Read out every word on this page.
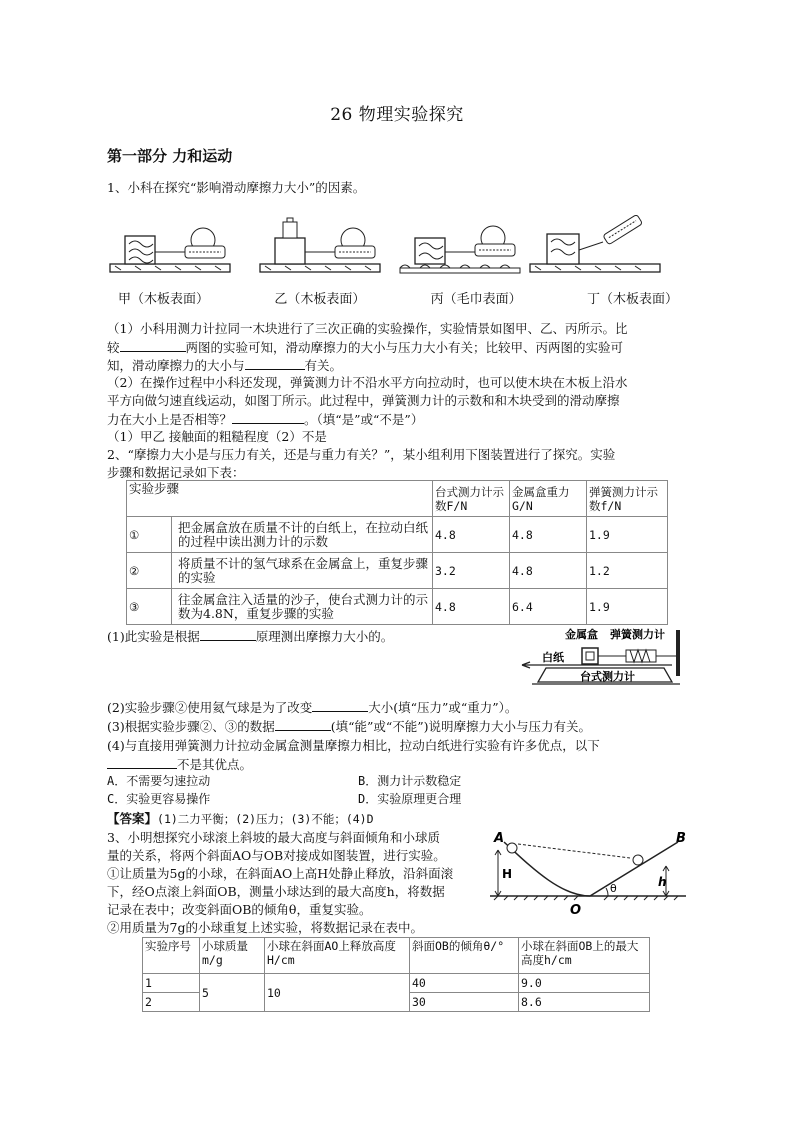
26 物理实验探究
第一部分 力和运动
1、小科在探究“影响滑动摩擦力大小”的因素。
甲（木板表面）	乙（木板表面）	丙（毛巾表面）	丁（木板表面）
（1）小科用测力计拉同一木块进行了三次正确的实验操作，实验情景如图甲、乙、丙所示。比
较	两图的实验可知，滑动摩擦力的大小与压力大小有关；比较甲、丙两图的实验可
知，滑动摩擦力的大小与	有关。
（2）在操作过程中小科还发现，弹簧测力计不沿水平方向拉动时，也可以使木块在木板上沿水
平方向做匀速直线运动，如图丁所示。此过程中，弹簧测力计的示数和和木块受到的滑动摩擦
力在大小上是否相等？	。（填“是”或“不是”）
（1）甲乙 接触面的粗糙程度（2）不是
2、“摩擦力大小是与压力有关，还是与重力有关？”，某小组利用下图装置进行了探究。实验
步骤和数据记录如下表：
实验步骤		台式测力计示数F/N	金属盒重力G/N	弹簧测力计示数f/N
①	把金属盒放在质量不计的白纸上，在拉动白纸的过程中读出测力计的示数	4.8	4.8	1.9
②	将质量不计的氢气球系在金属盒上，重复步骤的实验	3.2	4.8	1.2
③	往金属盒注入适量的沙子，使台式测力计的示数为4.8N，重复步骤的实验	4.8	6.4	1.9
(1)此实验是根据	原理测出摩擦力大小的。	金属盒 弹簧测力计
白纸
台式测力计
(2)实验步骤②使用氦气球是为了改变	大小(填“压力”或“重力”）。
(3)根据实验步骤②、③的数据	(填“能”或“不能”)说明摩擦力大小与压力有关。
(4)与直接用弹簧测力计拉动金属盒测量摩擦力相比，拉动白纸进行实验有许多优点，以下
不是其优点。
A．不需要匀速拉动	B．测力计示数稳定
C．实验更容易操作	D．实验原理更合理
【答案】(1)二力平衡；(2)压力；(3)不能；(4)D
3、小明想探究小球滚上斜坡的最大高度与斜面倾角和小球质
量的关系，将两个斜面AO与OB对接成如图装置，进行实验。
①让质量为5g的小球，在斜面AO上高H处静止释放，沿斜面滚
下，经O点滚上斜面OB，测量小球达到的最大高度h，将数据
记录在表中；改变斜面OB的倾角θ，重复实验。
②用质量为7g的小球重复上述实验，将数据记录在表中。
A	B
H
h
θ
O
实验序号	小球质量m/g	小球在斜面AO上释放高度H/cm	斜面OB的倾角θ/°	小球在斜面OB上的最大高度h/cm
1	5	10	40	9.0
2			30	8.6
